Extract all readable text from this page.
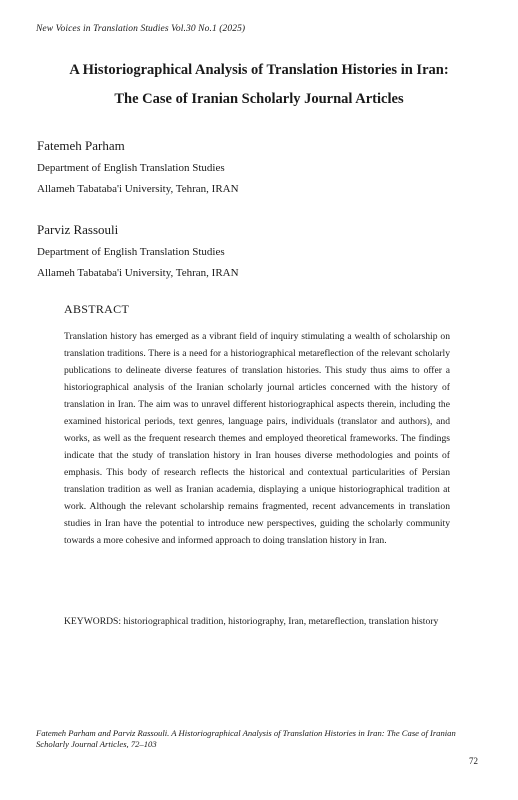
New Voices in Translation Studies Vol.30 No.1 (2025)
A Historiographical Analysis of Translation Histories in Iran:
The Case of Iranian Scholarly Journal Articles
Fatemeh Parham
Department of English Translation Studies
Allameh Tabataba'i University, Tehran, IRAN
Parviz Rassouli
Department of English Translation Studies
Allameh Tabataba'i University, Tehran, IRAN
ABSTRACT

Translation history has emerged as a vibrant field of inquiry stimulating a wealth of scholarship on translation traditions. There is a need for a historiographical metareflection of the relevant scholarly publications to delineate diverse features of translation histories. This study thus aims to offer a historiographical analysis of the Iranian scholarly journal articles concerned with the history of translation in Iran. The aim was to unravel different historiographical aspects therein, including the examined historical periods, text genres, language pairs, individuals (translator and authors), and works, as well as the frequent research themes and employed theoretical frameworks. The findings indicate that the study of translation history in Iran houses diverse methodologies and points of emphasis. This body of research reflects the historical and contextual particularities of Persian translation tradition as well as Iranian academia, displaying a unique historiographical tradition at work. Although the relevant scholarship remains fragmented, recent advancements in translation studies in Iran have the potential to introduce new perspectives, guiding the scholarly community towards a more cohesive and informed approach to doing translation history in Iran.

KEYWORDS: historiographical tradition, historiography, Iran, metareflection, translation history
Fatemeh Parham and Parviz Rassouli. A Historiographical Analysis of Translation Histories in Iran: The Case of Iranian Scholarly Journal Articles, 72–103
72
